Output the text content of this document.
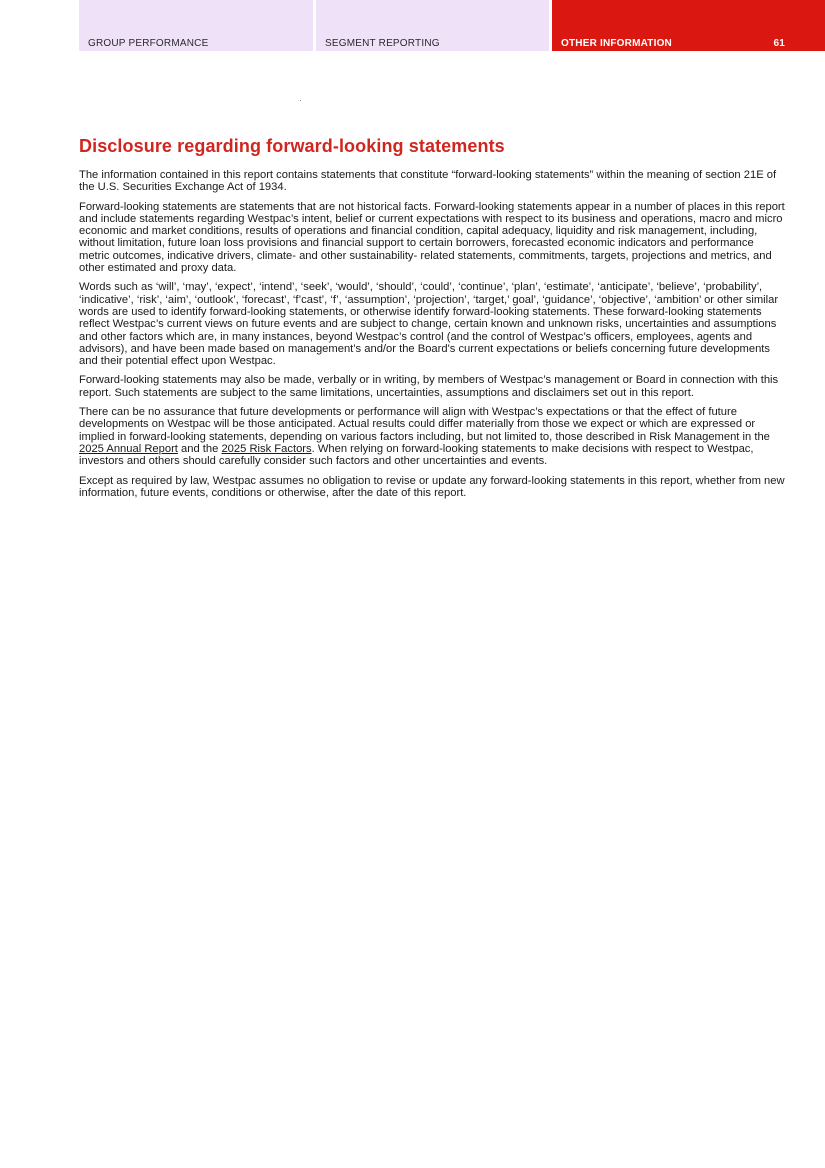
GROUP PERFORMANCE	SEGMENT REPORTING	OTHER INFORMATION	61
Disclosure regarding forward-looking statements

The information contained in this report contains statements that constitute “forward-looking statements” within the meaning of section 21E of the U.S. Securities Exchange Act of 1934.

Forward-looking statements are statements that are not historical facts. Forward-looking statements appear in a number of places in this report and include statements regarding Westpac’s intent, belief or current expectations with respect to its business and operations, macro and micro economic and market conditions, results of operations and financial condition, capital adequacy, liquidity and risk management, including, without limitation, future loan loss provisions and financial support to certain borrowers, forecasted economic indicators and performance metric outcomes, indicative drivers, climate- and other sustainability- related statements, commitments, targets, projections and metrics, and other estimated and proxy data.

Words such as ‘will’, ‘may’, ‘expect’, ‘intend’, ‘seek’, ‘would’, ‘should’, ‘could’, ‘continue’, ‘plan’, ‘estimate’, ‘anticipate’, ‘believe’, ‘probability’, ‘indicative’, ‘risk’, ‘aim’, ‘outlook’, ‘forecast’, ‘f’cast’, ‘f’, ‘assumption’, ‘projection’, ‘target,’ goal’, ‘guidance’, ‘objective’, ‘ambition’ or other similar words are used to identify forward-looking statements, or otherwise identify forward-looking statements. These forward-looking statements reflect Westpac’s current views on future events and are subject to change, certain known and unknown risks, uncertainties and assumptions and other factors which are, in many instances, beyond Westpac’s control (and the control of Westpac’s officers, employees, agents and advisors), and have been made based on management’s and/or the Board's current expectations or beliefs concerning future developments and their potential effect upon Westpac.

Forward-looking statements may also be made, verbally or in writing, by members of Westpac’s management or Board in connection with this report. Such statements are subject to the same limitations, uncertainties, assumptions and disclaimers set out in this report.

There can be no assurance that future developments or performance will align with Westpac’s expectations or that the effect of future developments on Westpac will be those anticipated. Actual results could differ materially from those we expect or which are expressed or implied in forward-looking statements, depending on various factors including, but not limited to, those described in Risk Management in the 2025 Annual Report and the 2025 Risk Factors. When relying on forward-looking statements to make decisions with respect to Westpac, investors and others should carefully consider such factors and other uncertainties and events.

Except as required by law, Westpac assumes no obligation to revise or update any forward-looking statements in this report, whether from new information, future events, conditions or otherwise, after the date of this report.
